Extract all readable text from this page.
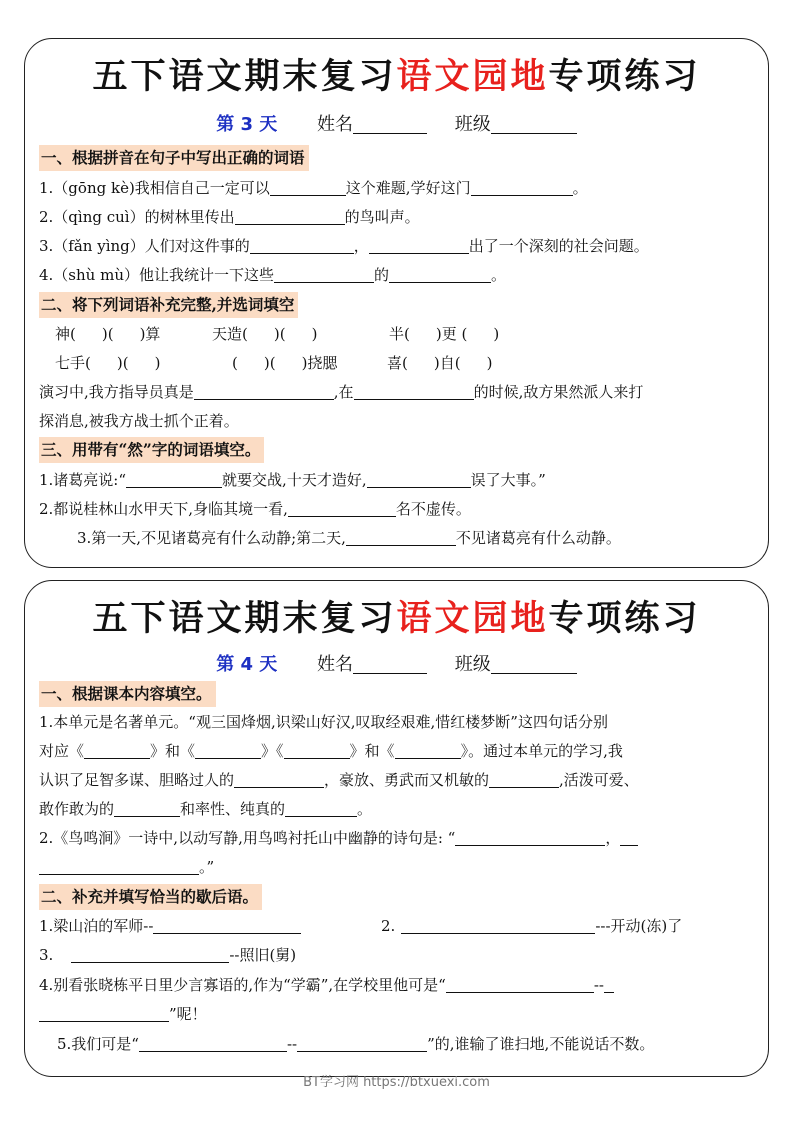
五下语文期末复习语文园地专项练习
第 3 天 姓名	班级
一、根据拼音在句子中写出正确的词语
1.（gōng kè)我相信自己一定可以	这个难题,学好这门	。
2.（qìng cuì）的树林里传出	的鸟叫声。
3.（fǎn yìng）人们对这件事的	，	出了一个深刻的社会问题。
4.（shù mù）他让我统计一下这些	的	。
二、将下列词语补充完整,并选词填空
神( )( )算	天造( )( )	半( )更 ( )
七手( )( )	( )( )挠腮	喜( )自( )
演习中,我方指导员真是	,在	的时候,敌方果然派人来打
探消息,被我方战士抓个正着。
三、用带有“然”字的词语填空。
1.诸葛亮说:“	就要交战,十天才造好,	误了大事。”
2.都说桂林山水甲天下,身临其境一看,	名不虚传。
3.第一天,不见诸葛亮有什么动静;第二天,	不见诸葛亮有什么动静。
五下语文期末复习语文园地专项练习
第 4 天 姓名	班级
一、根据课本内容填空。
1.本单元是名著单元。“观三国烽烟,识梁山好汉,叹取经艰难,惜红楼梦断”这四句话分别
对应《	》和《	》《	》和《	》。通过本单元的学习,我
认识了足智多谋、胆略过人的	，豪放、勇武而又机敏的	,活泼可爱、
敢作敢为的	和率性、纯真的	。
2.《鸟鸣涧》一诗中,以动写静,用鸟鸣衬托山中幽静的诗句是: “	，
。”
二、补充并填写恰当的歇后语。
1.梁山泊的军师--	2.	---开动(冻)了
3.	--照旧(舅)
4.别看张晓栋平日里少言寡语的,作为“学霸”,在学校里他可是“	--
”呢！
5.我们可是“	--	”的,谁输了谁扫地,不能说话不数。
BT学习网 https://btxuexi.com
